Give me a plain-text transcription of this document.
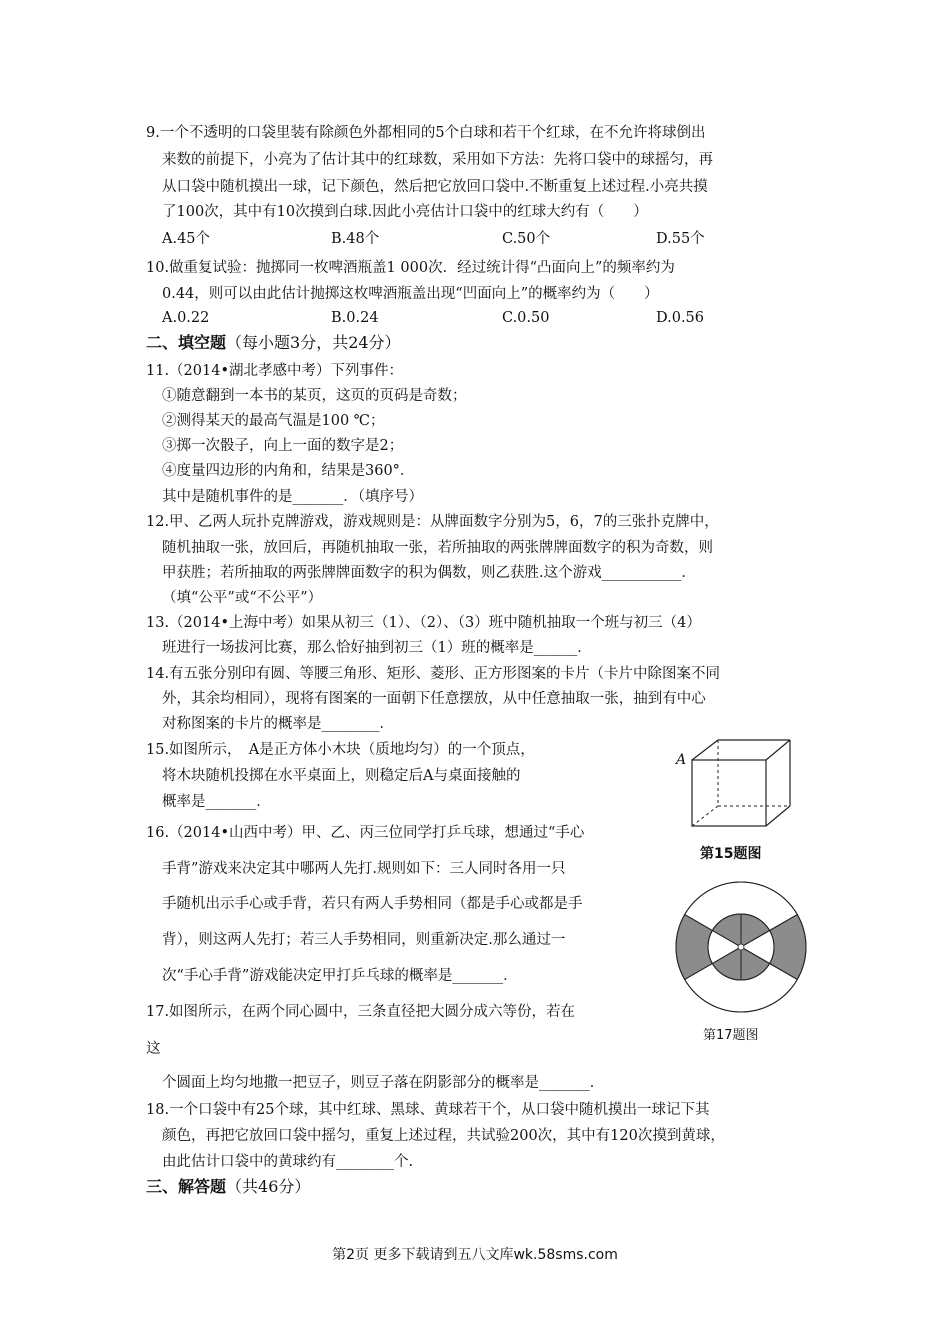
9.一个不透明的口袋里装有除颜色外都相同的5个白球和若干个红球，在不允许将球倒出
来数的前提下，小亮为了估计其中的红球数，采用如下方法：先将口袋中的球摇匀，再
从口袋中随机摸出一球，记下颜色，然后把它放回口袋中.不断重复上述过程.小亮共摸
了100次，其中有10次摸到白球.因此小亮估计口袋中的红球大约有（　　）
A.45个	B.48个	C.50个	D.55个
10.做重复试验：抛掷同一枚啤酒瓶盖1 000次．经过统计得“凸面向上”的频率约为
0.44，则可以由此估计抛掷这枚啤酒瓶盖出现“凹面向上”的概率约为（　　）
A.0.22	B.0.24	C.0.50	D.0.56
二、填空题（每小题3分，共24分）
11.（2014•湖北孝感中考）下列事件：
①随意翻到一本书的某页，这页的页码是奇数；
②测得某天的最高气温是100 ℃；
③掷一次骰子，向上一面的数字是2；
④度量四边形的内角和，结果是360°．
其中是随机事件的是_______．（填序号）
12.甲、乙两人玩扑克牌游戏，游戏规则是：从牌面数字分别为5，6，7的三张扑克牌中，
随机抽取一张，放回后，再随机抽取一张，若所抽取的两张牌牌面数字的积为奇数，则
甲获胜；若所抽取的两张牌牌面数字的积为偶数，则乙获胜.这个游戏___________．
（填“公平”或“不公平”）
13.（2014•上海中考）如果从初三（1）、（2）、（3）班中随机抽取一个班与初三（4）
班进行一场拔河比赛，那么恰好抽到初三（1）班的概率是______．
14.有五张分别印有圆、等腰三角形、矩形、菱形、正方形图案的卡片（卡片中除图案不同
外，其余均相同），现将有图案的一面朝下任意摆放，从中任意抽取一张，抽到有中心
对称图案的卡片的概率是________．
15.如图所示，　A是正方体小木块（质地均匀）的一个顶点，
将木块随机投掷在水平桌面上，则稳定后A与桌面接触的
概率是_______．
A
第15题图
16.（2014•山西中考）甲、乙、丙三位同学打乒乓球，想通过“手心
手背”游戏来决定其中哪两人先打.规则如下：三人同时各用一只
手随机出示手心或手背，若只有两人手势相同（都是手心或都是手
背），则这两人先打；若三人手势相同，则重新决定.那么通过一
次“手心手背”游戏能决定甲打乒乓球的概率是_______．
第17题图
17.如图所示，在两个同心圆中，三条直径把大圆分成六等份，若在
这
个圆面上均匀地撒一把豆子，则豆子落在阴影部分的概率是_______．
18.一个口袋中有25个球，其中红球、黑球、黄球若干个，从口袋中随机摸出一球记下其
颜色，再把它放回口袋中摇匀，重复上述过程，共试验200次，其中有120次摸到黄球，
由此估计口袋中的黄球约有________个.
三、解答题（共46分）
第2页 更多下载请到五八文库wk.58sms.com
